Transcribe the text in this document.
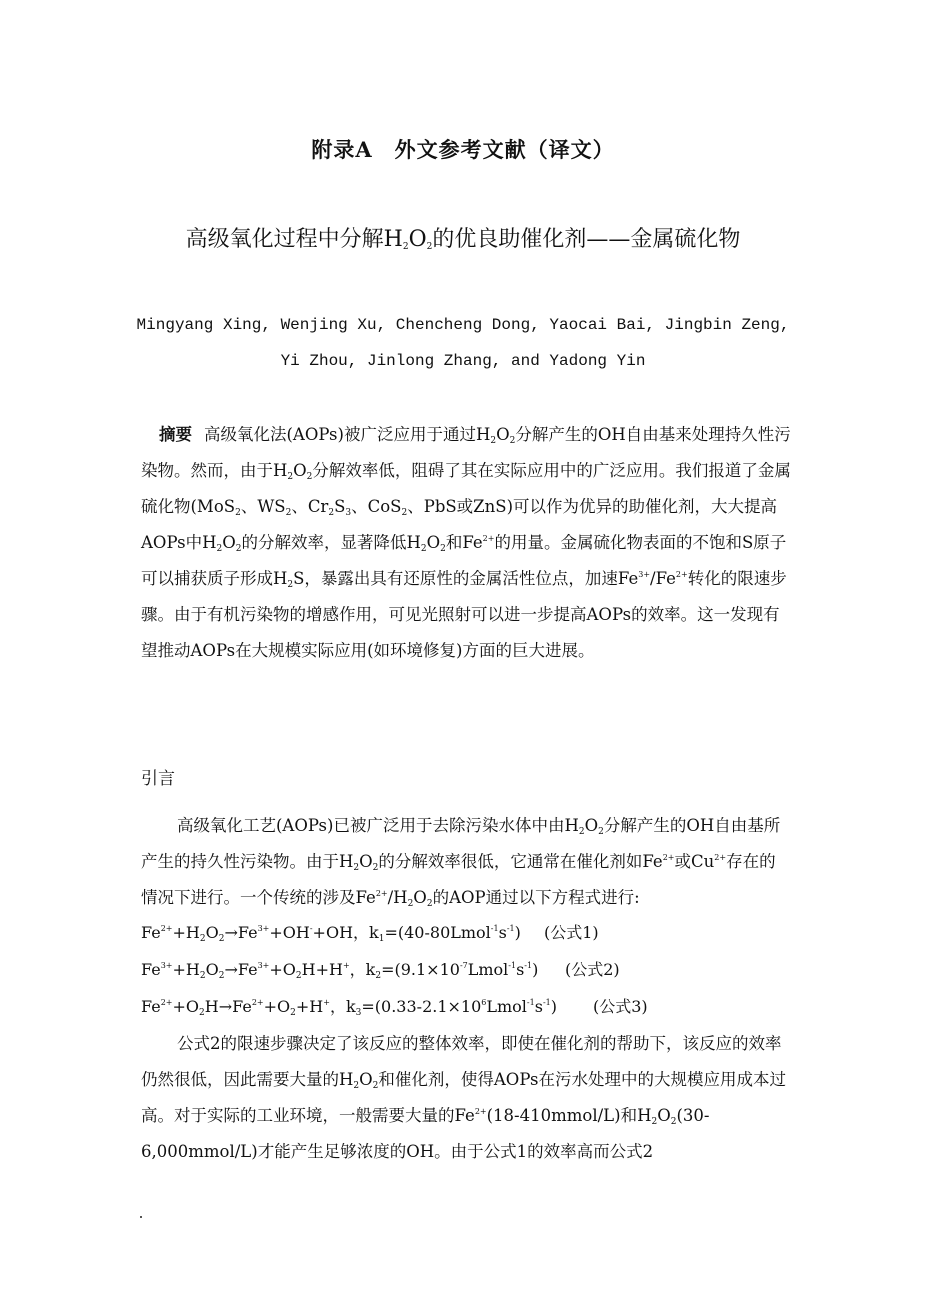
附录A　外文参考文献（译文）
高级氧化过程中分解$H_2O_2$的优良助催化剂——金属硫化物
Mingyang Xing, Wenjing Xu, Chencheng Dong, Yaocai Bai, Jingbin Zeng,
Yi Zhou, Jinlong Zhang, and Yadong Yin
摘要 高级氧化法(AOPs)被广泛应用于通过$H_2O_2$分解产生的OH自由基来处理持久性污染物。然而，由于$H_2O_2$分解效率低，阻碍了其在实际应用中的广泛应用。我们报道了金属硫化物(MoS$_2$、$WS_2$、$Cr_2S_3$、CoS$_2$、PbS或ZnS)可以作为优异的助催化剂，大大提高AOPs中$H_2O_2$的分解效率，显著降低$H_2O_2$和$Fe^{2+}$的用量。金属硫化物表面的不饱和S原子可以捕获质子形成$H_2S$，暴露出具有还原性的金属活性位点，加速$Fe^{3+}/Fe^{2+}$转化的限速步骤。由于有机污染物的增感作用，可见光照射可以进一步提高AOPs的效率。这一发现有望推动AOPs在大规模实际应用(如环境修复)方面的巨大进展。
引言
高级氧化工艺(AOPs)已被广泛用于去除污染水体中由$H_2O_2$分解产生的OH自由基所产生的持久性污染物。由于$H_2O_2$的分解效率很低，它通常在催化剂如$Fe^{2+}$或$Cu^{2+}$存在的情况下进行。一个传统的涉及$Fe^{2+}/H_2O_2$的AOP通过以下方程式进行:
$Fe^{2+}+H_2O_2\to Fe^{3+}+OH^-+OH$，$k_1=(40-80Lmol^{-1}s^{-1})$ (公式1)
$Fe^{3+}+H_2O_2\to Fe^{3+}+O_2H+H^+$，$k_2=(9.1\times 10^{-7}Lmol^{-1}s^{-1})$ (公式2)
$Fe^{2+}+O_2H\to Fe^{2+}+O_2+H^+$，$k_3=(0.33-2.1\times 10^6Lmol^{-1}s^{-1})$ (公式3)
公式2的限速步骤决定了该反应的整体效率，即使在催化剂的帮助下，该反应的效率仍然很低，因此需要大量的$H_2O_2$和催化剂，使得AOPs在污水处理中的大规模应用成本过高。对于实际的工业环境，一般需要大量的$Fe^{2+}(18-410mmol/L)$和$H_2O_2(30-6,000mmol/L)$才能产生足够浓度的OH。由于公式1的效率高而公式2
